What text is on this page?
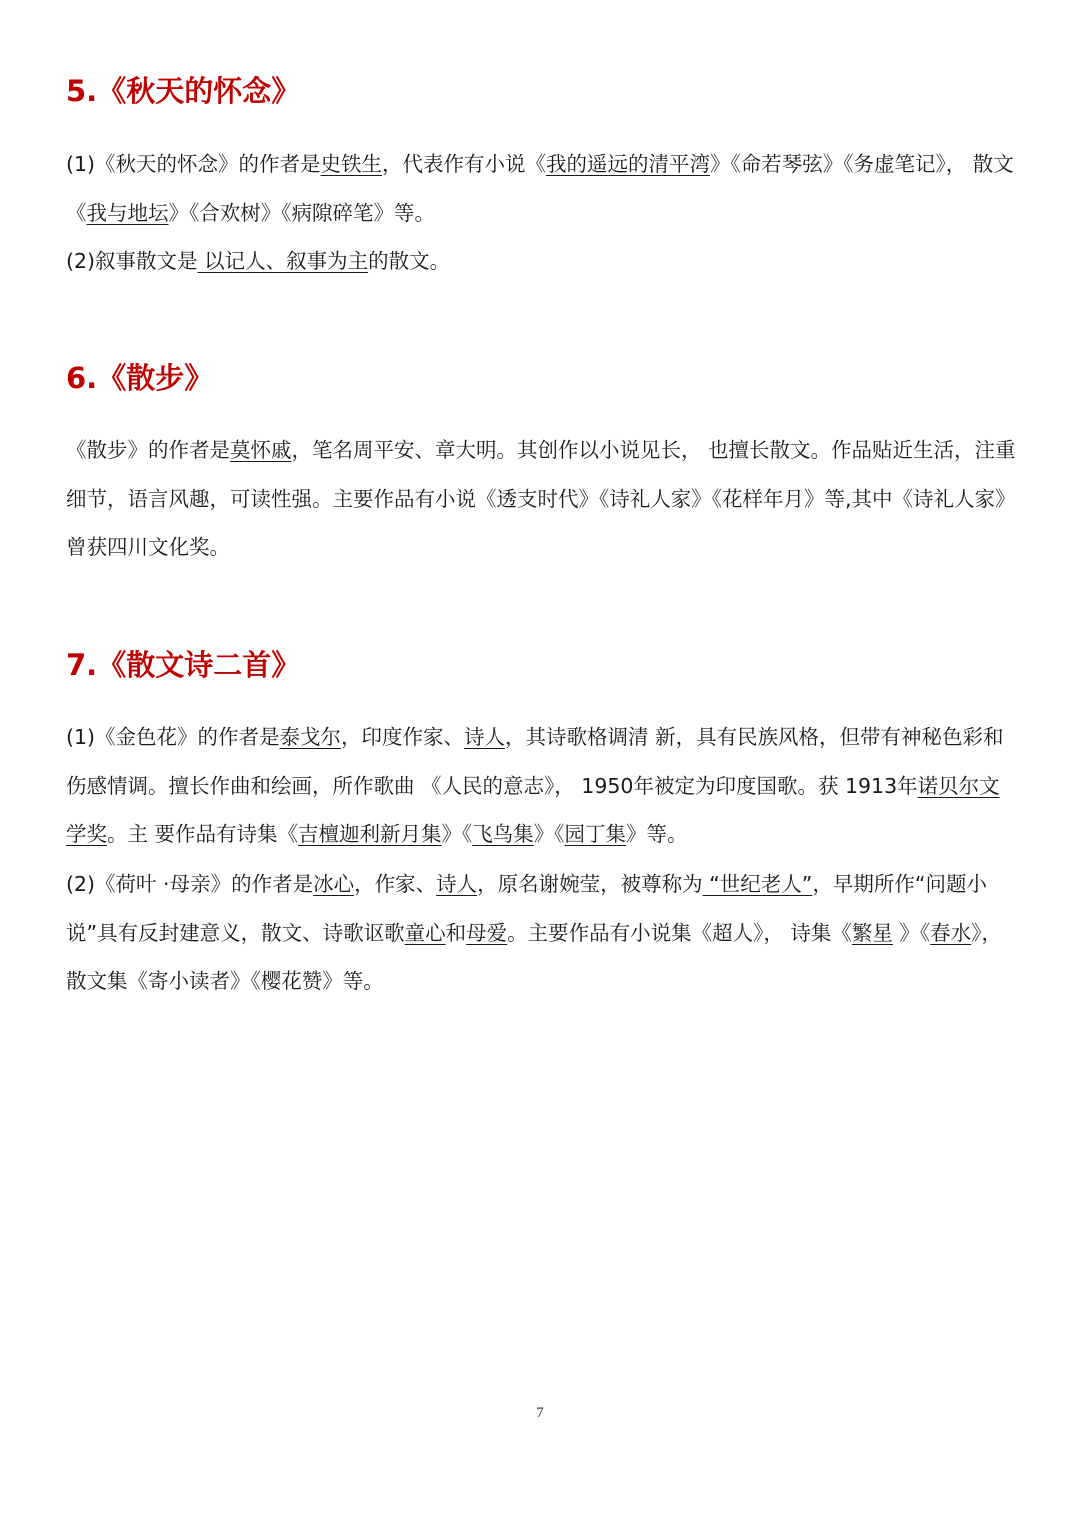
5.《秋天的怀念》

(1)《秋天的怀念》的作者是史铁生，代表作有小说《我的遥远的清平湾》《命若琴弦》《务虚笔记》， 散文《我与地坛》《合欢树》《病隙碎笔》等。

(2)叙事散文是 以记人、叙事为主的散文。

6.《散步》

《散步》的作者是莫怀戚，笔名周平安、章大明。其创作以小说见长， 也擅长散文。作品贴近生活，注重细节，语言风趣，可读性强。主要作品有小说《透支时代》《诗礼人家》《花样年月》等,其中《诗礼人家》曾获四川文化奖。

7.《散文诗二首》

(1)《金色花》的作者是泰戈尔，印度作家、诗人，其诗歌格调清 新，具有民族风格，但带有神秘色彩和伤感情调。擅长作曲和绘画，所作歌曲 《人民的意志》， 1950年被定为印度国歌。获 1913年诺贝尔文学奖。主 要作品有诗集《吉檀迦利新月集》《飞鸟集》《园丁集》等。

(2)《荷叶 ·母亲》的作者是冰心，作家、诗人，原名谢婉莹，被尊称为 “世纪老人”，早期所作“问题小说”具有反封建意义，散文、诗歌讴歌童心和母爱。主要作品有小说集《超人》， 诗集《繁星 》《春水》， 散文集《寄小读者》《樱花赞》等。

7
